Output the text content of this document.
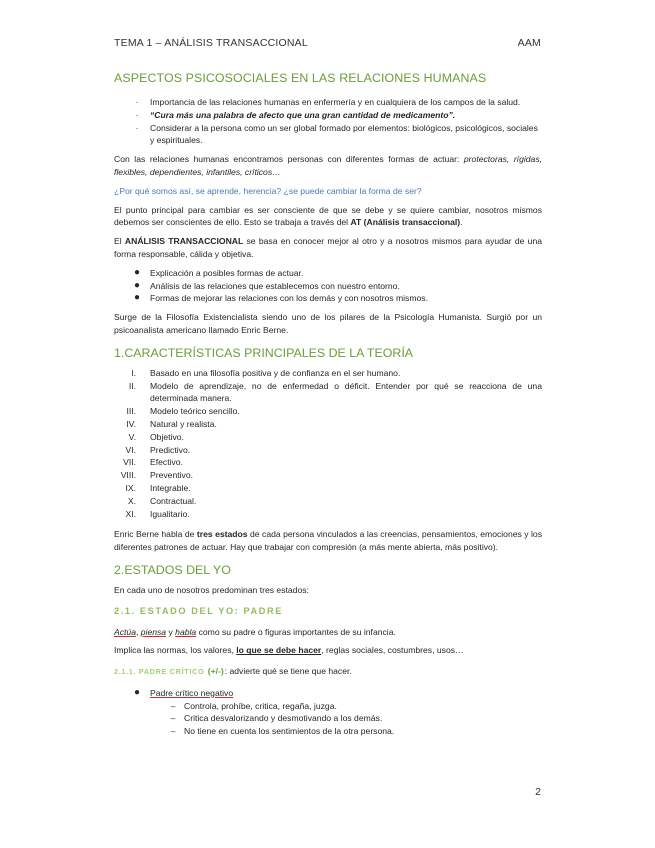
TEMA 1 – ANÁLISIS TRANSACCIONAL	AAM
ASPECTOS PSICOSOCIALES EN LAS RELACIONES HUMANAS
·	Importancia de las relaciones humanas en enfermería y en cualquiera de los campos de la salud.
·	“Cura más una palabra de afecto que una gran cantidad de medicamento”.
·	Considerar a la persona como un ser global formado por elementos: biológicos, psicológicos, sociales y espirituales.

Con las relaciones humanas encontramos personas con diferentes formas de actuar: protectoras, rígidas, flexibles, dependientes, infantiles, críticos…

¿Por qué somos así, se aprende, herencia? ¿se puede cambiar la forma de ser?

El punto principal para cambiar es ser consciente de que se debe y se quiere cambiar, nosotros mismos debemos ser conscientes de ello. Esto se trabaja a través del AT (Análisis transaccional).

El ANÁLISIS TRANSACCIONAL se basa en conocer mejor al otro y a nosotros mismos para ayudar de una forma responsable, cálida y objetiva.

●	Explicación a posibles formas de actuar.
●	Análisis de las relaciones que establecemos con nuestro entorno.
●	Formas de mejorar las relaciones con los demás y con nosotros mismos.

Surge de la Filosofía Existencialista siendo uno de los pilares de la Psicología Humanista. Surgió por un psicoanalista americano llamado Enric Berne.

1.CARACTERÍSTICAS PRINCIPALES DE LA TEORÍA
I. Basado en una filosofía positiva y de confianza en el ser humano.
II. Modelo de aprendizaje, no de enfermedad o déficit. Entender por qué se reacciona de una determinada manera.

III. Modelo teórico sencillo.
IV. Natural y realista.
V. Objetivo.
VI. Predictivo.
VII. Efectivo.
VIII. Preventivo.
IX. Integrable.
X. Contractual.
XI. Igualitario.

Enric Berne habla de tres estados de cada persona vinculados a las creencias, pensamientos, emociones y los diferentes patrones de actuar. Hay que trabajar con compresión (a más mente abierta, más positivo).

2.ESTADOS DEL YO

En cada uno de nosotros predominan tres estados:

2.1. ESTADO DEL YO: PADRE

Actúa, piensa y habla como su padre o figuras importantes de su infancia.

Implica las normas, los valores, lo que se debe hacer, reglas sociales, costumbres, usos…

2.1.1. PADRE CRÍTICO (+/-): advierte qué se tiene que hacer.
●	Padre crítico negativo
–	Controla, prohíbe, critica, regaña, juzga.
–	Critica desvalorizando y desmotivando a los demás.
–	No tiene en cuenta los sentimientos de la otra persona.
2
